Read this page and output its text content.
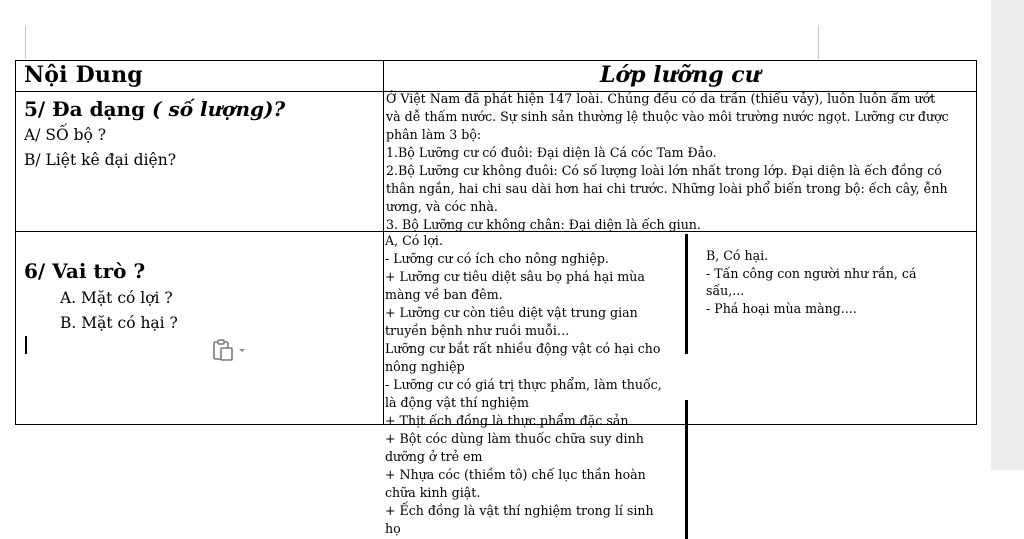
Nội Dung	Lớp lưỡng cư
5/ Đa dạng ( số lượng)?
A/ SỐ bộ ?
B/ Liệt kê đại diện?
Ở Việt Nam đã phát hiện 147 loài. Chúng đều có da trần (thiếu vảy), luôn luôn ẩm ướt
và dễ thấm nước. Sự sinh sản thường lệ thuộc vào môi trường nước ngọt. Lưỡng cư được
phân làm 3 bộ:
1.Bộ Lưỡng cư có đuôi: Đại diện là Cá cóc Tam Đảo.
2.Bộ Lưỡng cư không đuôi: Có số lượng loài lớn nhất trong lớp. Đại diện là ếch đồng có
thân ngắn, hai chi sau dài hơn hai chi trước. Những loài phổ biến trong bộ: ếch cây, ễnh
ương, và cóc nhà.
3. Bộ Lưỡng cư không chân: Đại diện là ếch giun.
6/ Vai trò ?
A. Mặt có lợi ?
B. Mặt có hại ?
A, Có lợi.
- Lưỡng cư có ích cho nông nghiệp.
+ Lưỡng cư tiêu diệt sâu bọ phá hại mùa
màng về ban đêm.
+ Lưỡng cư còn tiêu diệt vật trung gian
truyền bệnh như ruồi muỗi…
Lưỡng cư bắt rất nhiều động vật có hại cho
nông nghiệp
- Lưỡng cư có giá trị thực phẩm, làm thuốc,
là động vật thí nghiệm
+ Thịt ếch đồng là thực phẩm đặc sản
+ Bột cóc dùng làm thuốc chữa suy dinh
dưỡng ở trẻ em
+ Nhựa cóc (thiềm tô) chế lục thần hoàn
chữa kinh giật.
+ Ếch đồng là vật thí nghiệm trong lí sinh
họ
B, Có hại.
- Tấn công con người như rắn, cá
sấu,...
- Phá hoại mùa màng....
